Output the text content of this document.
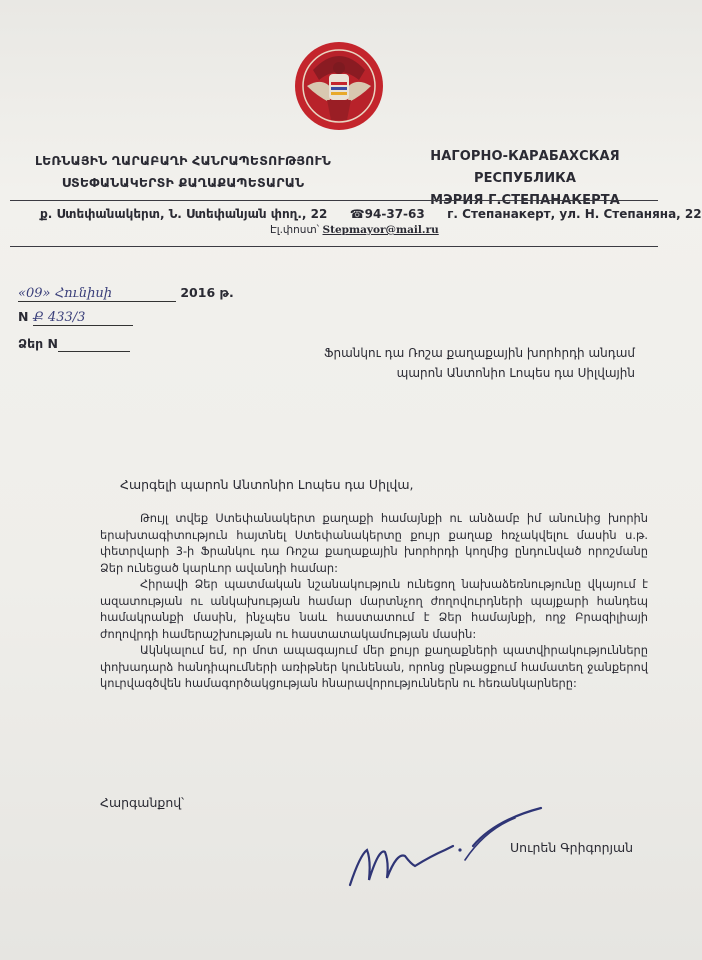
ԼԵՌՆԱՅԻՆ ՂԱՐԱԲԱՂԻ ՀԱՆՐԱՊԵՏՈՒԹՅՈՒՆ
ՍՏԵՓԱՆԱԿԵՐՏԻ ՔԱՂԱՔԱՊԵՏԱՐԱՆ
НАГОРНО-КАРАБАХСКАЯ РЕСПУБЛИКА
МЭРИЯ Г.СТЕПАНАКЕРТА
ք. Ստեփանակերտ, Ն. Ստեփանյան փող., 22 ☎94-37-63 г. Степанакерт, ул. Н. Степаняна, 22
Էլ.փոստ՝ Stepmayor@mail.ru
«09» Հունիսի	2016 թ.
N Ք 433/3
Ձեր N
Ֆրանկու դա Ռոշա քաղաքային խորհրդի անդամ
պարոն Անտոնիո Լոպես դա Սիլվային
Հարգելի պարոն Անտոնիո Լոպես դա Սիլվա,

Թույլ տվեք Ստեփանակերտ քաղաքի համայնքի ու անձամբ իմ անունից խորին երախտագիտություն հայտնել Ստեփանակերտը քույր քաղաք հռչակվելու մասին ս.թ. փետրվարի 3-ի Ֆրանկու դա Ռոշա քաղաքային խորհրդի կողմից ընդունված որոշմանը Ձեր ունեցած կարևոր ավանդի համար:

Հիրավի Ձեր պատմական նշանակություն ունեցող նախաձեռնությունը վկայում է ազատության ու անկախության համար մարտնչող ժողովուրդների պայքարի հանդեպ համակրանքի մասին, ինչպես նաև հաստատում է Ձեր համայնքի, ողջ Բրազիլիայի ժողովրդի համերաշխության ու հաստատակամության մասին:

Ակնկալում եմ, որ մոտ ապագայում մեր քույր քաղաքների պատվիրակությունները փոխադարձ հանդիպումների առիթներ կունենան, որոնց ընթացքում համատեղ ջանքերով կուրվագծվեն համագործակցության հնարավորություններն ու հեռանկարները:

Հարգանքով՝
Սուրեն Գրիգորյան
